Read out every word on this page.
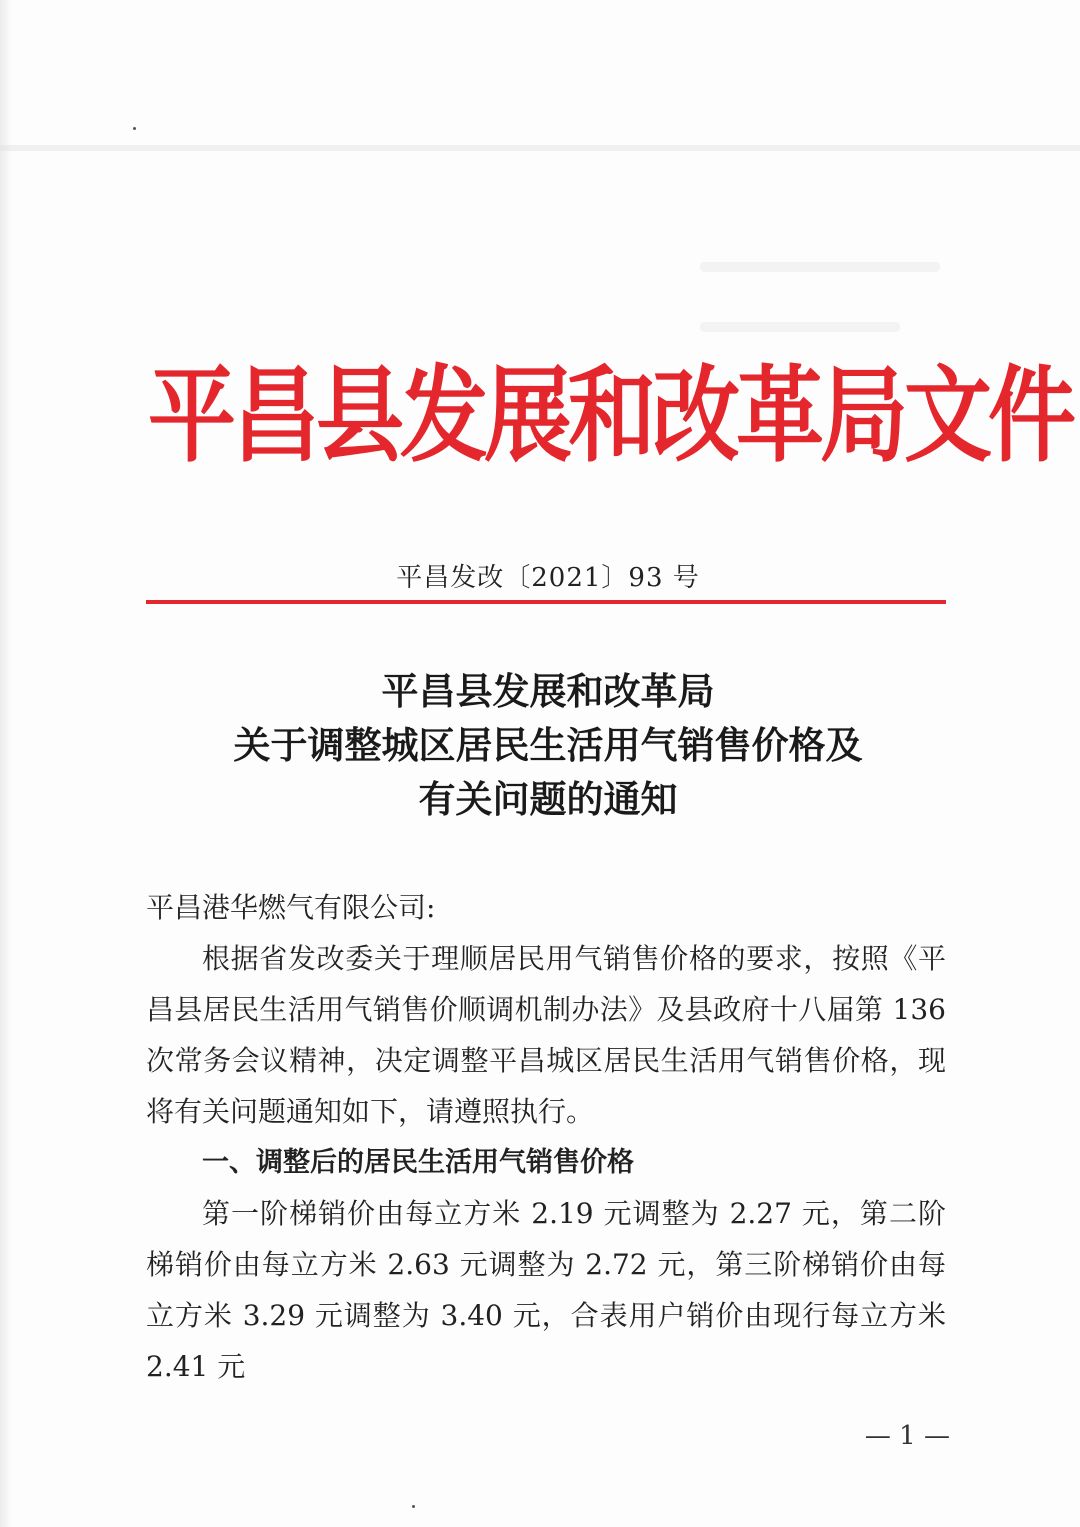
平昌县发展和改革局文件
平昌发改〔2021〕93 号
平昌县发展和改革局
关于调整城区居民生活用气销售价格及
有关问题的通知

平昌港华燃气有限公司:

根据省发改委关于理顺居民用气销售价格的要求，按照《平昌县居民生活用气销售价顺调机制办法》及县政府十八届第 136 次常务会议精神，决定调整平昌城区居民生活用气销售价格，现将有关问题通知如下，请遵照执行。

一、调整后的居民生活用气销售价格

第一阶梯销价由每立方米 2.19 元调整为 2.27 元，第二阶梯销价由每立方米 2.63 元调整为 2.72 元，第三阶梯销价由每立方米 3.29 元调整为 3.40 元，合表用户销价由现行每立方米 2.41 元

— 1 —
